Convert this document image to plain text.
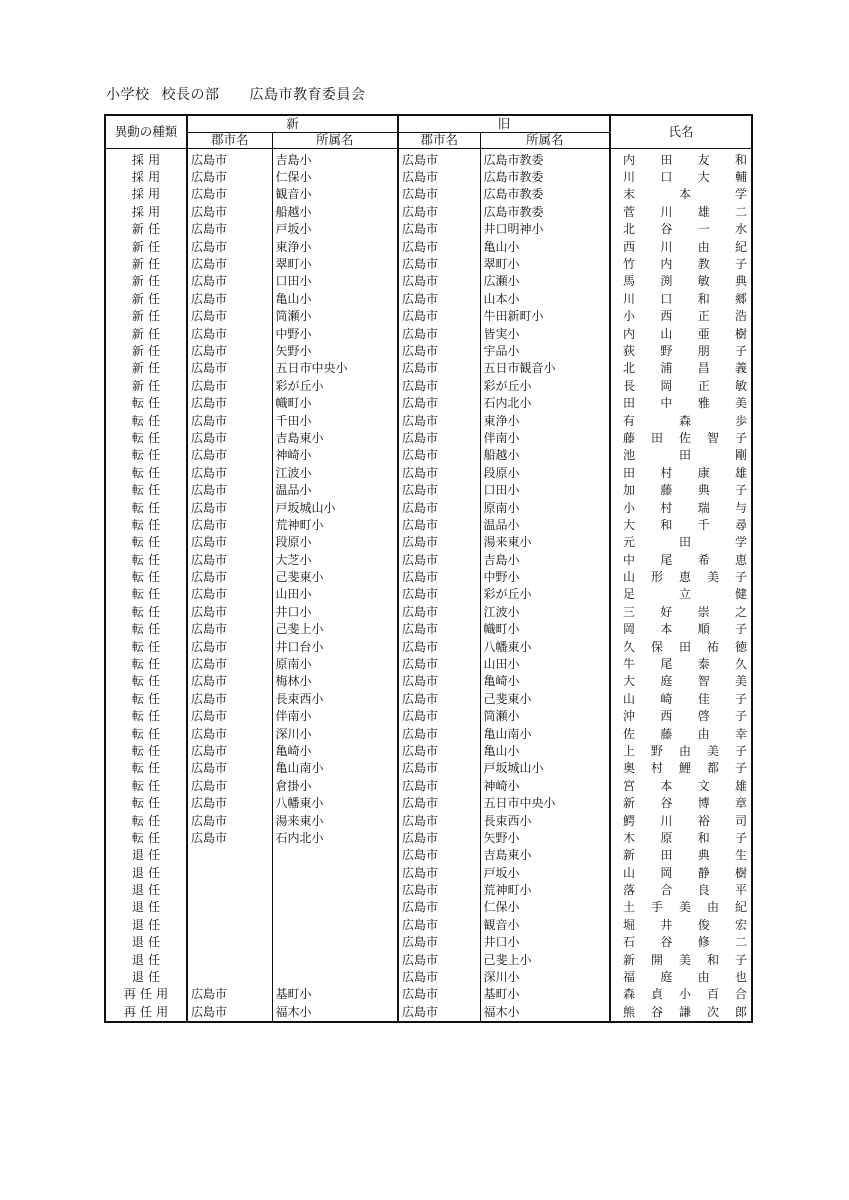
小学校 校長の部 広島市教育委員会
異動の種類	新		旧		氏名
	郡市名	所属名	郡市名	所属名	
採用	広島市	吉島小	広島市	広島市教委	内 田 友 和

採用	広島市	仁保小	広島市	広島市教委	川 口 大 輔

採用	広島市	観音小	広島市	広島市教委	末 本 学

採用	広島市	船越小	広島市	広島市教委	菅 川 雄 二

新任	広島市	戸坂小	広島市	井口明神小	北 谷 一 水

新任	広島市	東浄小	広島市	亀山小	西 川 由 紀

新任	広島市	翠町小	広島市	翠町小	竹 内 教 子

新任	広島市	口田小	広島市	広瀬小	馬 渕 敏 典

新任	広島市	亀山小	広島市	山本小	川 口 和 郷

新任	広島市	筒瀬小	広島市	牛田新町小	小 西 正 浩

新任	広島市	中野小	広島市	皆実小	内 山 亜 樹

新任	広島市	矢野小	広島市	宇品小	荻 野 朋 子

新任	広島市	五日市中央小	広島市	五日市観音小	北 浦 昌 義

新任	広島市	彩が丘小	広島市	彩が丘小	長 岡 正 敏

転任	広島市	幟町小	広島市	石内北小	田 中 雅 美

転任	広島市	千田小	広島市	東浄小	有 森 歩

転任	広島市	吉島東小	広島市	伴南小	藤 田 佐 智 子

転任	広島市	神崎小	広島市	船越小	池 田 剛

転任	広島市	江波小	広島市	段原小	田 村 康 雄

転任	広島市	温品小	広島市	口田小	加 藤 典 子

転任	広島市	戸坂城山小	広島市	原南小	小 村 瑞 与

転任	広島市	荒神町小	広島市	温品小	大 和 千 尋

転任	広島市	段原小	広島市	湯来東小	元 田 学

転任	広島市	大芝小	広島市	吉島小	中 尾 希 恵

転任	広島市	己斐東小	広島市	中野小	山 形 恵 美 子

転任	広島市	山田小	広島市	彩が丘小	足 立 健

転任	広島市	井口小	広島市	江波小	三 好 崇 之

転任	広島市	己斐上小	広島市	幟町小	岡 本 順 子

転任	広島市	井口台小	広島市	八幡東小	久 保 田 祐 徳

転任	広島市	原南小	広島市	山田小	牛 尾 泰 久

転任	広島市	梅林小	広島市	亀崎小	大 庭 智 美

転任	広島市	長束西小	広島市	己斐東小	山 崎 佳 子

転任	広島市	伴南小	広島市	筒瀬小	沖 西 啓 子

転任	広島市	深川小	広島市	亀山南小	佐 藤 由 幸

転任	広島市	亀崎小	広島市	亀山小	上 野 由 美 子

転任	広島市	亀山南小	広島市	戸坂城山小	奥 村 鯉 都 子

転任	広島市	倉掛小	広島市	神崎小	宮 本 文 雄

転任	広島市	八幡東小	広島市	五日市中央小	新 谷 博 章

転任	広島市	湯来東小	広島市	長束西小	鰐 川 裕 司

転任	広島市	石内北小	広島市	矢野小	木 原 和 子

退任			広島市	吉島東小	新 田 典 生

退任			広島市	戸坂小	山 岡 静 樹

退任			広島市	荒神町小	落 合 良 平

退任			広島市	仁保小	土 手 美 由 紀

退任			広島市	観音小	堀 井 俊 宏

退任			広島市	井口小	石 谷 修 二

退任			広島市	己斐上小	新 開 美 和 子

退任			広島市	深川小	福 庭 由 也

再任用	広島市	基町小	広島市	基町小	森 貞 小 百 合

再任用	広島市	福木小	広島市	福木小	熊 谷 謙 次 郎
